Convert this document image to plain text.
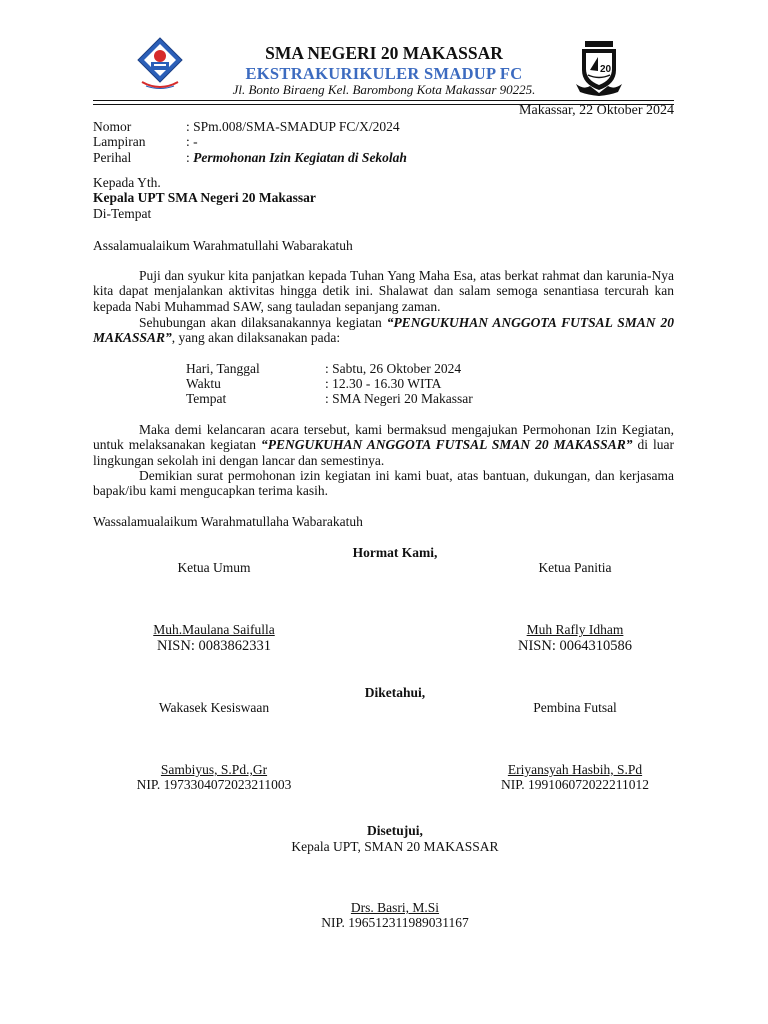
20
SMA NEGERI 20 MAKASSAR
EKSTRAKURIKULER SMADUP FC
Jl. Bonto Biraeng Kel. Barombong Kota Makassar 90225.
Makassar, 22 Oktober 2024
Nomor	: SPm.008/SMA-SMADUP FC/X/2024
Lampiran	: -
Perihal	: Permohonan Izin Kegiatan di Sekolah
Kepada Yth.
Kepala UPT SMA Negeri 20 Makassar
Di-Tempat
Assalamualaikum Warahmatullahi Wabarakatuh
Puji dan syukur kita panjatkan kepada Tuhan Yang Maha Esa, atas berkat rahmat dan karunia-Nya kita dapat menjalankan aktivitas hingga detik ini. Shalawat dan salam semoga senantiasa tercurah kan kepada Nabi Muhammad SAW, sang tauladan sepanjang zaman.
Sehubungan akan dilaksanakannya kegiatan “PENGUKUHAN ANGGOTA FUTSAL SMAN 20 MAKASSAR”, yang akan dilaksanakan pada:
Hari, Tanggal	: Sabtu, 26 Oktober 2024
Waktu	: 12.30 - 16.30 WITA
Tempat	: SMA Negeri 20 Makassar
Maka demi kelancaran acara tersebut, kami bermaksud mengajukan Permohonan Izin Kegiatan, untuk melaksanakan kegiatan “PENGUKUHAN ANGGOTA FUTSAL SMAN 20 MAKASSAR” di luar lingkungan sekolah ini dengan lancar dan semestinya.
Demikian surat permohonan izin kegiatan ini kami buat, atas bantuan, dukungan, dan kerjasama bapak/ibu kami mengucapkan terima kasih.
Wassalamualaikum Warahmatullaha Wabarakatuh
Hormat Kami,
Ketua Umum	Ketua Panitia
Muh.Maulana Saifulla	Muh Rafly Idham
NISN: 0083862331	NISN: 0064310586
Diketahui,
Wakasek Kesiswaan	Pembina Futsal
Sambiyus, S.Pd.,Gr	Eriyansyah Hasbih, S.Pd
NIP. 1973304072023211003	NIP. 199106072022211012
Disetujui,
Kepala UPT, SMAN 20 MAKASSAR
Drs. Basri, M.Si
NIP. 196512311989031167
